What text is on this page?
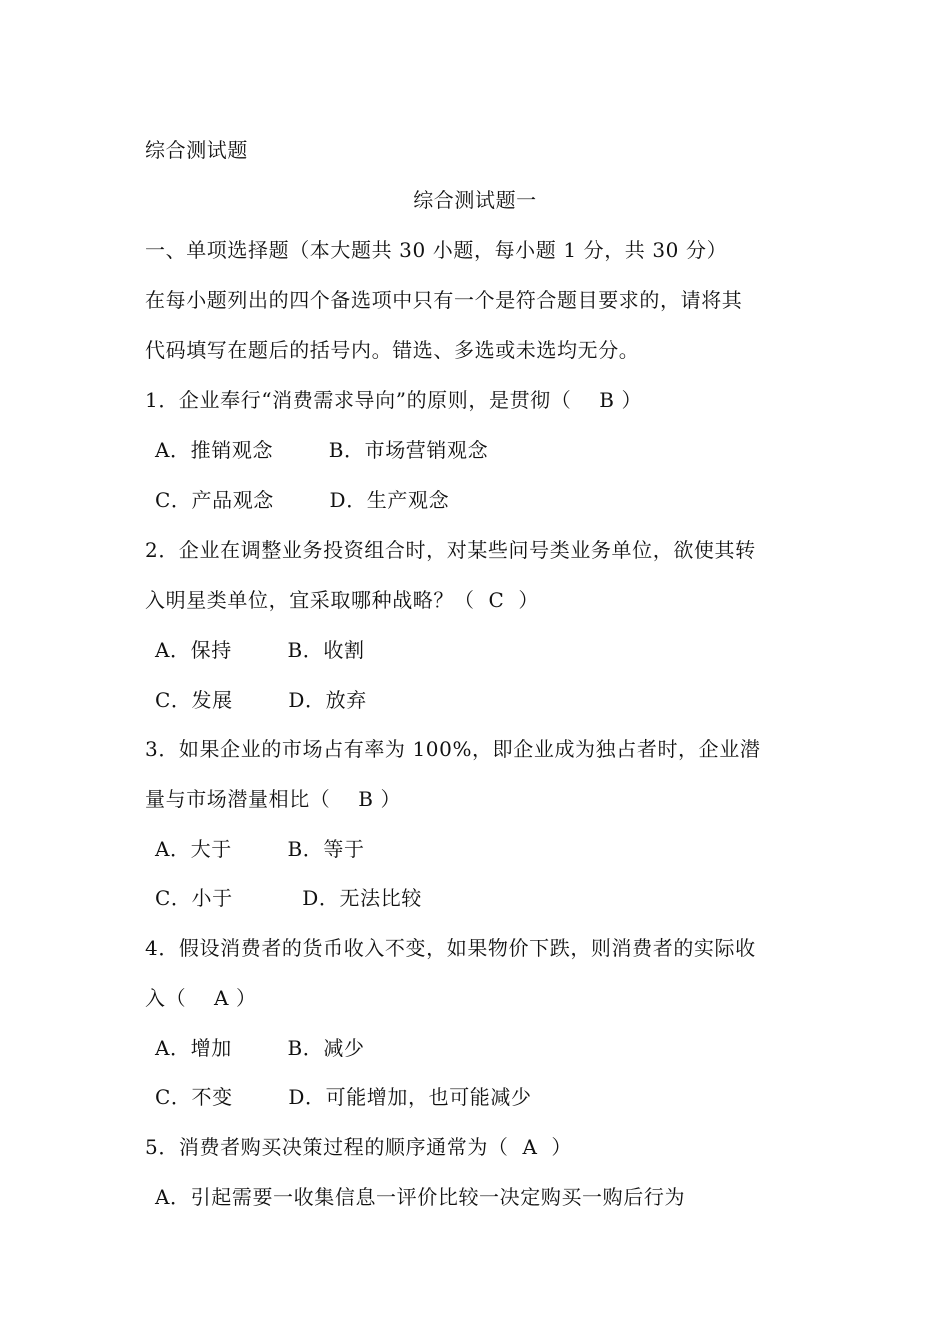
综合测试题
综合测试题一
一、单项选择题（本大题共 30 小题，每小题 1 分，共 30 分）
在每小题列出的四个备选项中只有一个是符合题目要求的，请将其
代码填写在题后的括号内。错选、多选或未选均无分。
1．企业奉行“消费需求导向”的原则，是贯彻（    B ）
A．推销观念        B．市场营销观念
C．产品观念        D．生产观念
2．企业在调整业务投资组合时，对某些问号类业务单位，欲使其转
入明星类单位，宜采取哪种战略？（  C  ）
A．保持        B．收割
C．发展        D．放弃
3．如果企业的市场占有率为 100%，即企业成为独占者时，企业潜
量与市场潜量相比（    B ）
A．大于        B．等于
C．小于          D．无法比较
4．假设消费者的货币收入不变，如果物价下跌，则消费者的实际收
入（    A ）
A．增加        B．减少
C．不变        D．可能增加，也可能减少
5．消费者购买决策过程的顺序通常为（  A  ）
A．引起需要一收集信息一评价比较一决定购买一购后行为
